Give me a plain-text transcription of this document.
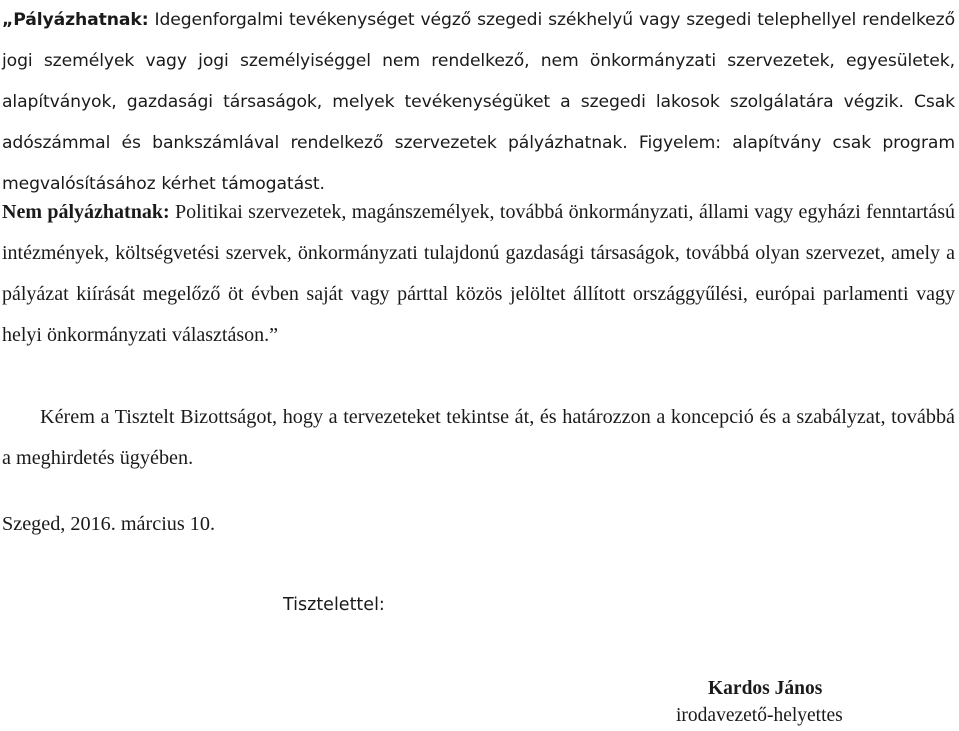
„Pályázhatnak: Idegenforgalmi tevékenységet végző szegedi székhelyű vagy szegedi telephellyel rendelkező jogi személyek vagy jogi személyiséggel nem rendelkező, nem önkormányzati szervezetek, egyesületek, alapítványok, gazdasági társaságok, melyek tevékenységüket a szegedi lakosok szolgálatára végzik. Csak adószámmal és bankszámlával rendelkező szervezetek pályázhatnak. Figyelem: alapítvány csak program megvalósításához kérhet támogatást.

Nem pályázhatnak: Politikai szervezetek, magánszemélyek, továbbá önkormányzati, állami vagy egyházi fenntartású intézmények, költségvetési szervek, önkormányzati tulajdonú gazdasági társaságok, továbbá olyan szervezet, amely a pályázat kiírását megelőző öt évben saját vagy párttal közös jelöltet állított országgyűlési, európai parlamenti vagy helyi önkormányzati választáson.”

Kérem a Tisztelt Bizottságot, hogy a tervezeteket tekintse át, és határozzon a koncepció és a szabályzat, továbbá a meghirdetés ügyében.

Szeged, 2016. március 10.

Tisztelettel:

Kardos János

irodavezető-helyettes
